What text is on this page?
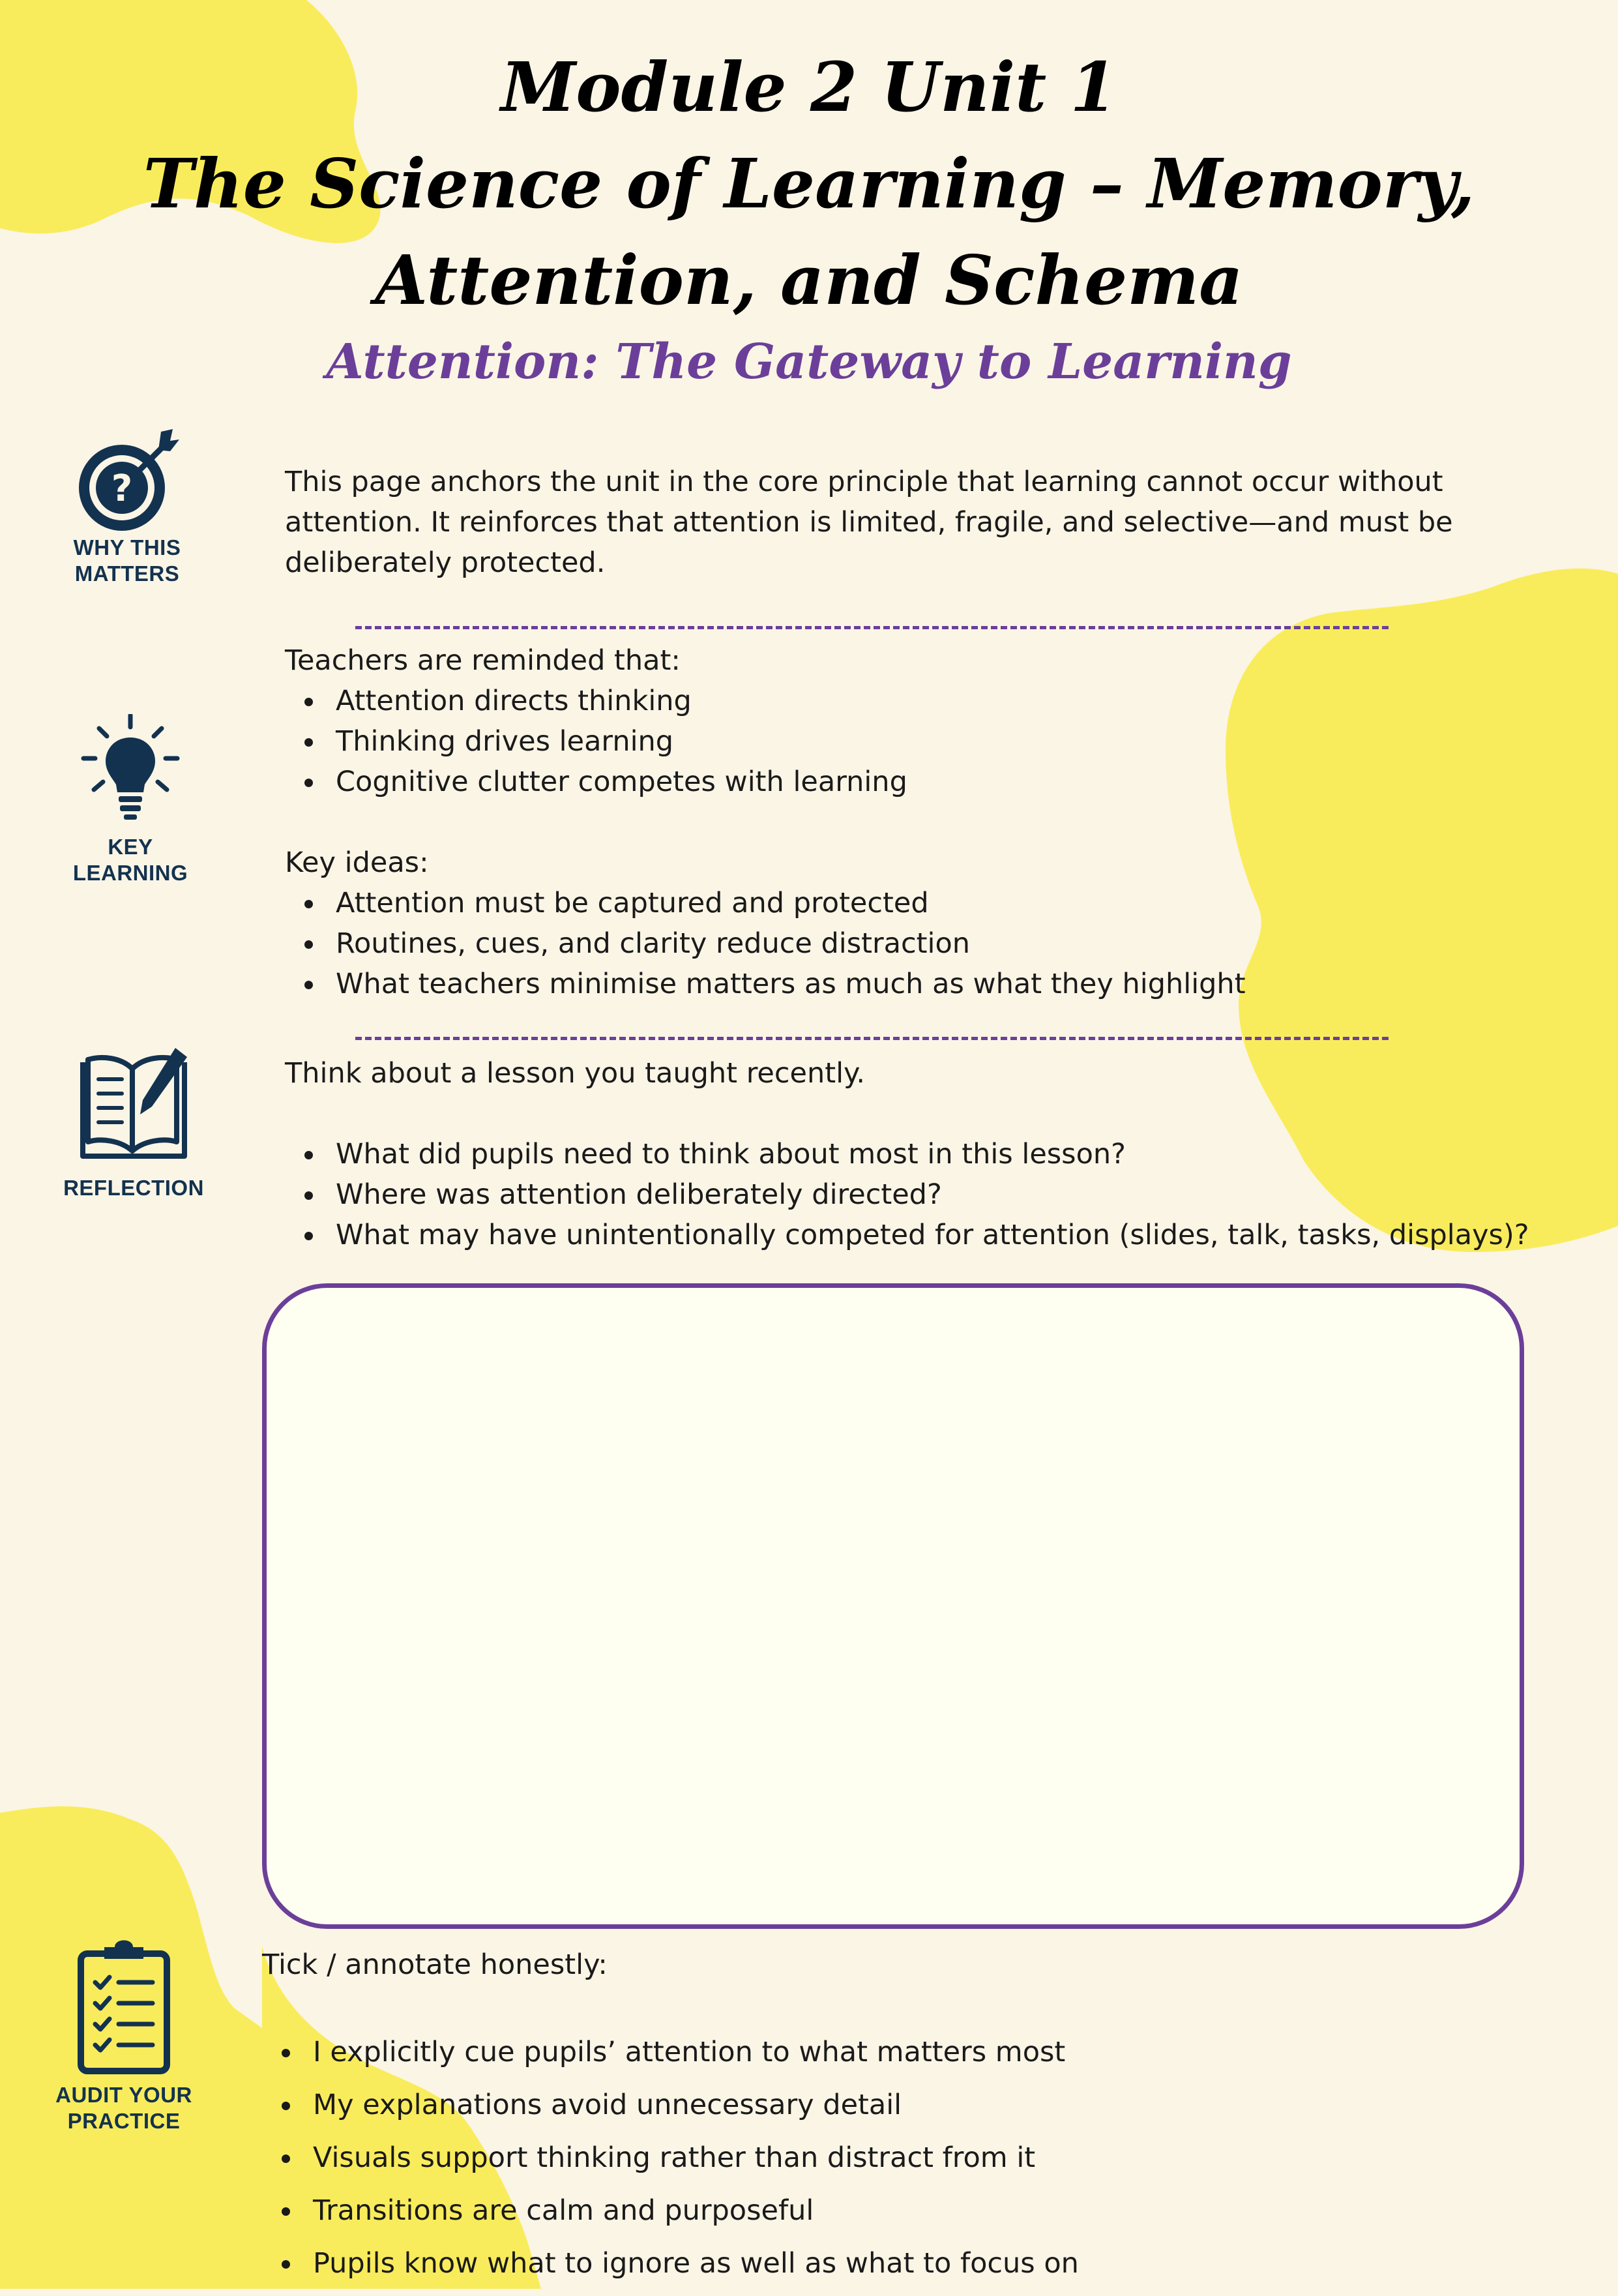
Module 2 Unit 1
The Science of Learning – Memory,
Attention, and Schema
Attention: The Gateway to Learning
?
WHY THIS
MATTERS

This page anchors the unit in the core principle that learning cannot occur without attention. It reinforces that attention is limited, fragile, and selective—and must be deliberately protected.

KEY
LEARNING

Teachers are reminded that:

Attention directs thinking
Thinking drives learning
Cognitive clutter competes with learning

Key ideas:

Attention must be captured and protected
Routines, cues, and clarity reduce distraction
What teachers minimise matters as much as what they highlight
REFLECTION

Think about a lesson you taught recently.

What did pupils need to think about most in this lesson?
Where was attention deliberately directed?
What may have unintentionally competed for attention (slides, talk, tasks, displays)?
AUDIT YOUR
PRACTICE

Tick / annotate honestly:

I explicitly cue pupils’ attention to what matters most
My explanations avoid unnecessary detail
Visuals support thinking rather than distract from it
Transitions are calm and purposeful
Pupils know what to ignore as well as what to focus on
